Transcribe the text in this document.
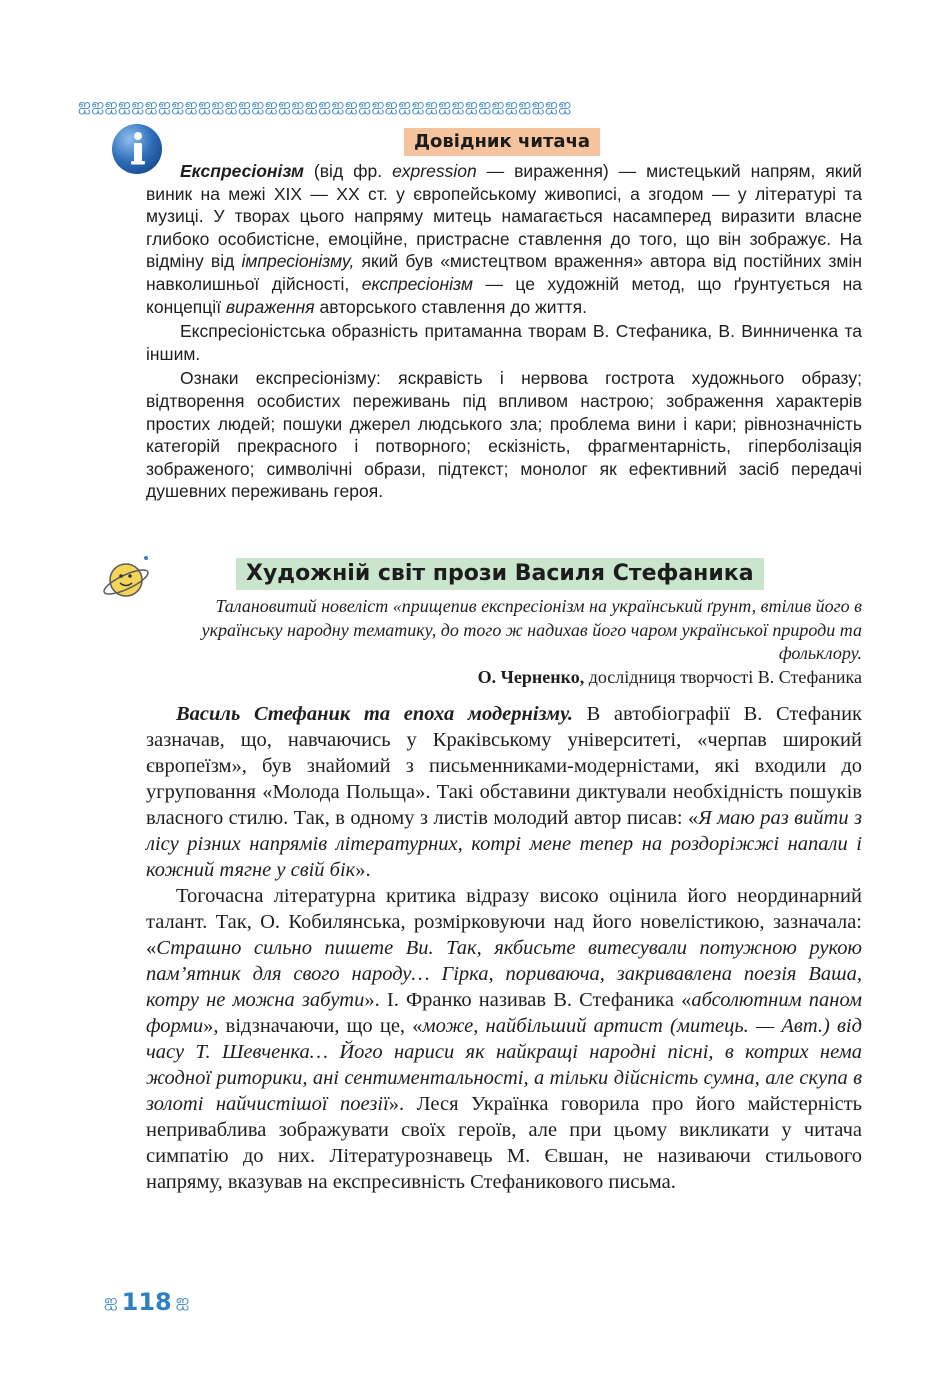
ஐஐஐஐஐஐஐஐஐஐஐஐஐஐஐஐஐஐஐஐஐஐஐஐஐஐஐஐஐஐஐஐஐஐஐஐஐ
Довідник читача

Експресіонізм (від фр. expression — вираження) — мистецький напрям, який виник на межі XIX — XX ст. у європейському живописі, а згодом — у літературі та музиці. У творах цього напряму митець намагається насамперед виразити власне глибоко особистісне, емоційне, пристрасне ставлення до того, що він зображує. На відміну від імпресіонізму, який був «мистецтвом враження» автора від постійних змін навколишньої дійсності, експресіонізм — це художній метод, що ґрунтується на концепції вираження авторського ставлення до життя.

Експресіоністська образність притаманна творам В. Стефаника, В. Винниченка та іншим.

Ознаки експресіонізму: яскравість і нервова гострота художнього образу; відтворення особистих переживань під впливом настрою; зображення характерів простих людей; пошуки джерел людського зла; проблема вини і кари; рівнозначність категорій прекрасного і потворного; ескізність, фрагментарність, гіперболізація зображеного; символічні образи, підтекст; монолог як ефективний засіб передачі душевних переживань героя.

Художній світ прози Василя Стефаника
Талановитий новеліст «прищепив експресіонізм на український ґрунт, втілив його в українську народну тематику, до того ж надихав його чаром української природи та фольклору.
О. Черненко, дослідниця творчості В. Стефаника

Василь Стефаник та епоха модернізму. В автобіографії В. Стефаник зазначав, що, навчаючись у Краківському університеті, «черпав широкий європеїзм», був знайомий з письменниками-модерністами, які входили до угруповання «Молода Польща». Такі обставини диктували необхідність пошуків власного стилю. Так, в одному з листів молодий автор писав: «Я маю раз вийти з лісу різних напрямів літературних, котрі мене тепер на роздоріжжі напали і кожний тягне у свій бік».

Тогочасна літературна критика відразу високо оцінила його неординарний талант. Так, О. Кобилянська, розмірковуючи над його новелістикою, зазначала: «Страшно сильно пишете Ви. Так, якбисьте витесували потужною рукою пам’ятник для свого народу… Гірка, пориваюча, закривавлена поезія Ваша, котру не можна забути». І. Франко називав В. Стефаника «абсолютним паном форми», відзначаючи, що це, «може, найбільший артист (митець. — Авт.) від часу Т. Шевченка… Його нариси як найкращі народні пісні, в котрих нема жодної риторики, ані сентиментальності, а тільки дійсність сумна, але скупа в золоті найчистішої поезії». Леся Українка говорила про його майстерність неприваблива зображувати своїх героїв, але при цьому викликати у читача симпатію до них. Літературознавець М. Євшан, не називаючи стильового напряму, вказував на експресивність Стефаникового письма.

ஐ 118 ஐ
